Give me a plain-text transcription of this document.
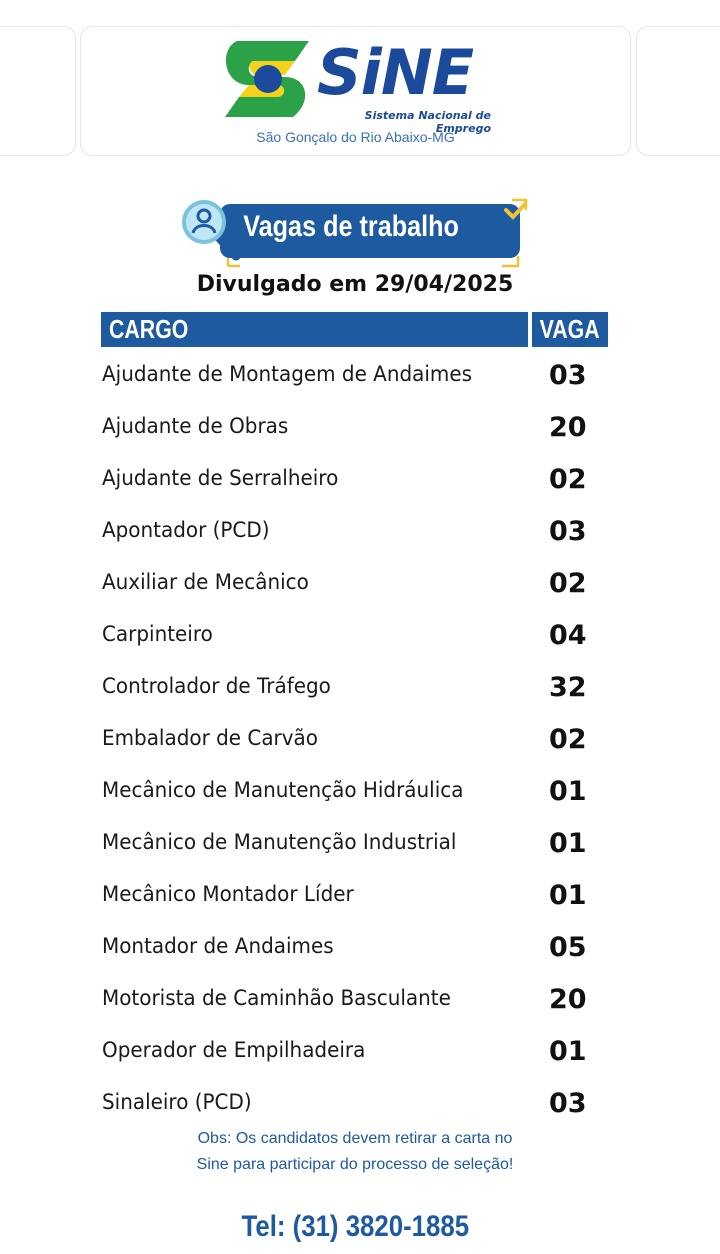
SiNE
Sistema Nacional de Emprego
São Gonçalo do Rio Abaixo-MG
Vagas de trabalho
Divulgado em 29/04/2025
CARGO	VAGA
Ajudante de Montagem de Andaimes	03
Ajudante de Obras	20
Ajudante de Serralheiro	02
Apontador (PCD)	03
Auxiliar de Mecânico	02
Carpinteiro	04
Controlador de Tráfego	32
Embalador de Carvão	02
Mecânico de Manutenção Hidráulica	01
Mecânico de Manutenção Industrial	01
Mecânico Montador Líder	01
Montador de Andaimes	05
Motorista de Caminhão Basculante	20
Operador de Empilhadeira	01
Sinaleiro (PCD)	03
Obs: Os candidatos devem retirar a carta no
Sine para participar do processo de seleção!
Tel: (31) 3820-1885
